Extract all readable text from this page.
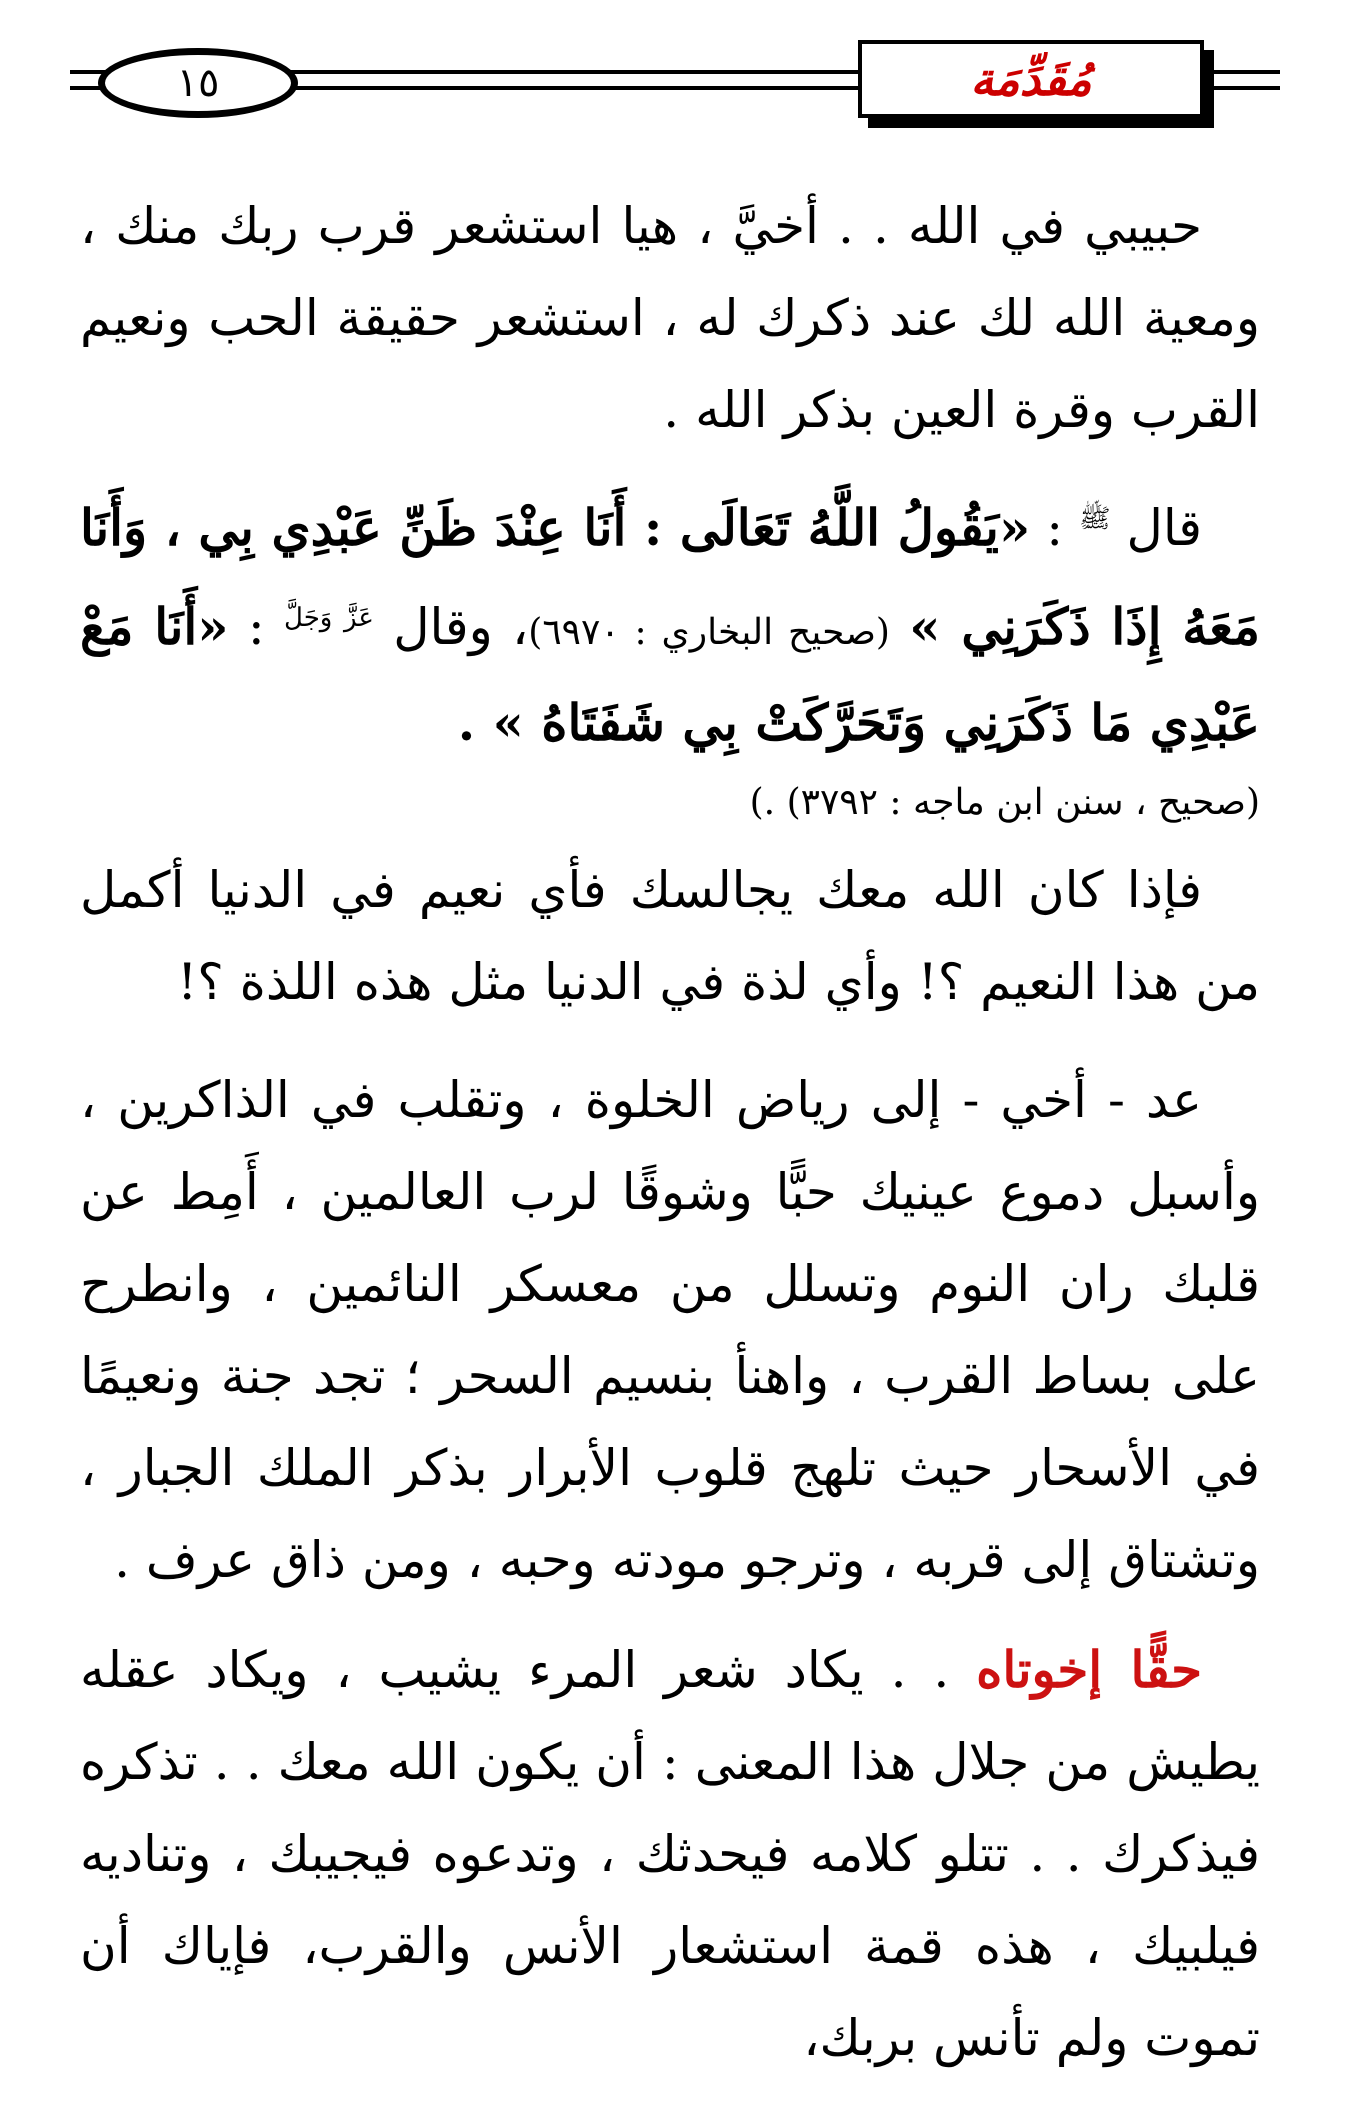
١٥	مُقَدِّمَة

حبيبي في الله . . أخيَّ ، هيا استشعر قرب ربك منك ، ومعية الله لك عند ذكرك له ، استشعر حقيقة الحب ونعيم القرب وقرة العين بذكر الله .

قال $^ﷺ$ : «يَقُولُ اللَّهُ تَعَالَى : أَنَا عِنْدَ ظَنِّ عَبْدِي بِي ، وَأَنَا مَعَهُ إِذَا ذَكَرَنِي » (صحيح البخاري : ٦٩٧٠)، وقال $^{عَزَّ وَجَلَّ}$ : «أَنَا مَعْ عَبْدِي مَا ذَكَرَنِي وَتَحَرَّكَتْ بِي شَفَتَاهُ » .

(صحيح ، سنن ابن ماجه : ٣٧٩٢) .)

فإذا كان الله معك يجالسك فأي نعيم في الدنيا أكمل من هذا النعيم ؟! وأي لذة في الدنيا مثل هذه اللذة ؟!

عد - أخي - إلى رياض الخلوة ، وتقلب في الذاكرين ، وأسبل دموع عينيك حبًّا وشوقًا لرب العالمين ، أَمِط عن قلبك ران النوم وتسلل من معسكر النائمين ، وانطرح على بساط القرب ، واهنأ بنسيم السحر ؛ تجد جنة ونعيمًا في الأسحار حيث تلهج قلوب الأبرار بذكر الملك الجبار ، وتشتاق إلى قربه ، وترجو مودته وحبه ، ومن ذاق عرف .

حقًّا إخوتاه . . يكاد شعر المرء يشيب ، ويكاد عقله يطيش من جلال هذا المعنى : أن يكون الله معك . . تذكره فيذكرك . . تتلو كلامه فيحدثك ، وتدعوه فيجيبك ، وتناديه فيلبيك ، هذه قمة استشعار الأنس والقرب، فإياك أن تموت ولم تأنس بربك،
